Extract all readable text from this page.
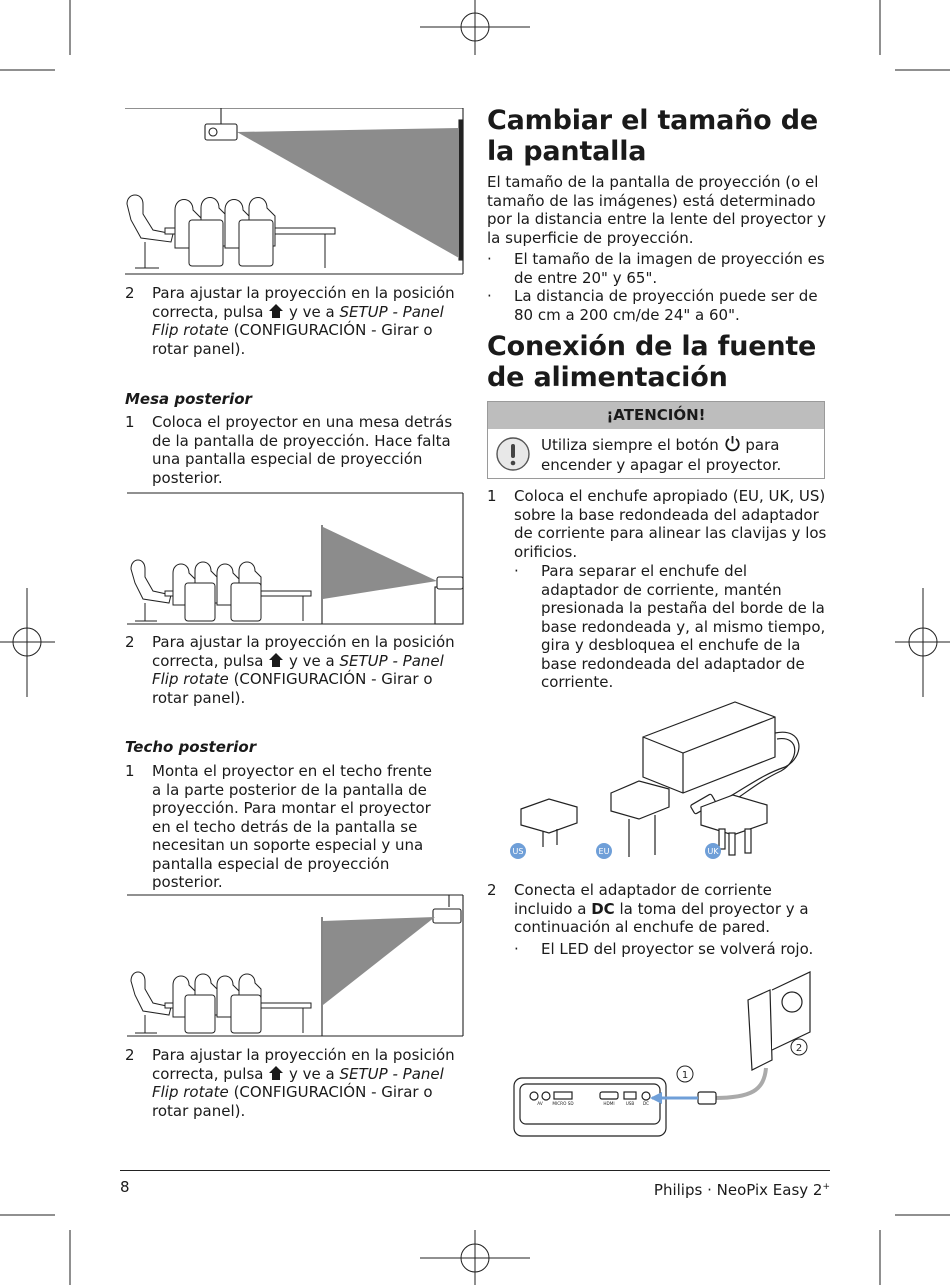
2 Para ajustar la proyección en la posición correcta, pulsa y ve a SETUP - Panel Flip rotate (CONFIGURACIÓN - Girar o rotar panel).
Mesa posterior
1 Coloca el proyector en una mesa detrás de la pantalla de proyección. Hace falta una pantalla especial de proyección posterior.
2 Para ajustar la proyección en la posición correcta, pulsa y ve a SETUP - Panel Flip rotate (CONFIGURACIÓN - Girar o rotar panel).
Techo posterior
1 Monta el proyector en el techo frente a la parte posterior de la pantalla de proyección. Para montar el proyector en el techo detrás de la pantalla se necesitan un soporte especial y una pantalla especial de proyección posterior.
2 Para ajustar la proyección en la posición correcta, pulsa y ve a SETUP - Panel Flip rotate (CONFIGURACIÓN - Girar o rotar panel).
Cambiar el tamaño de la pantalla
El tamaño de la pantalla de proyección (o el tamaño de las imágenes) está determinado por la distancia entre la lente del proyector y la superficie de proyección.
· El tamaño de la imagen de proyección es de entre 20" y 65".
· La distancia de proyección puede ser de 80 cm a 200 cm/de 24" a 60".
Conexión de la fuente de alimentación
¡ATENCIÓN!
Utiliza siempre el botón para encender y apagar el proyector.
1 Coloca el enchufe apropiado (EU, UK, US) sobre la base redondeada del adaptador de corriente para alinear las clavijas y los orificios.
· Para separar el enchufe del adaptador de corriente, mantén presionada la pestaña del borde de la base redondeada y, al mismo tiempo, gira y desbloquea el enchufe de la base redondeada del adaptador de corriente.
US	EU	UK
2 Conecta el adaptador de corriente incluido a DC la toma del proyector y a continuación al enchufe de pared.
· El LED del proyector se volverá rojo.
AV MICRO SD	HDMI	USB DC
1
2
8	Philips · NeoPix Easy 2+
